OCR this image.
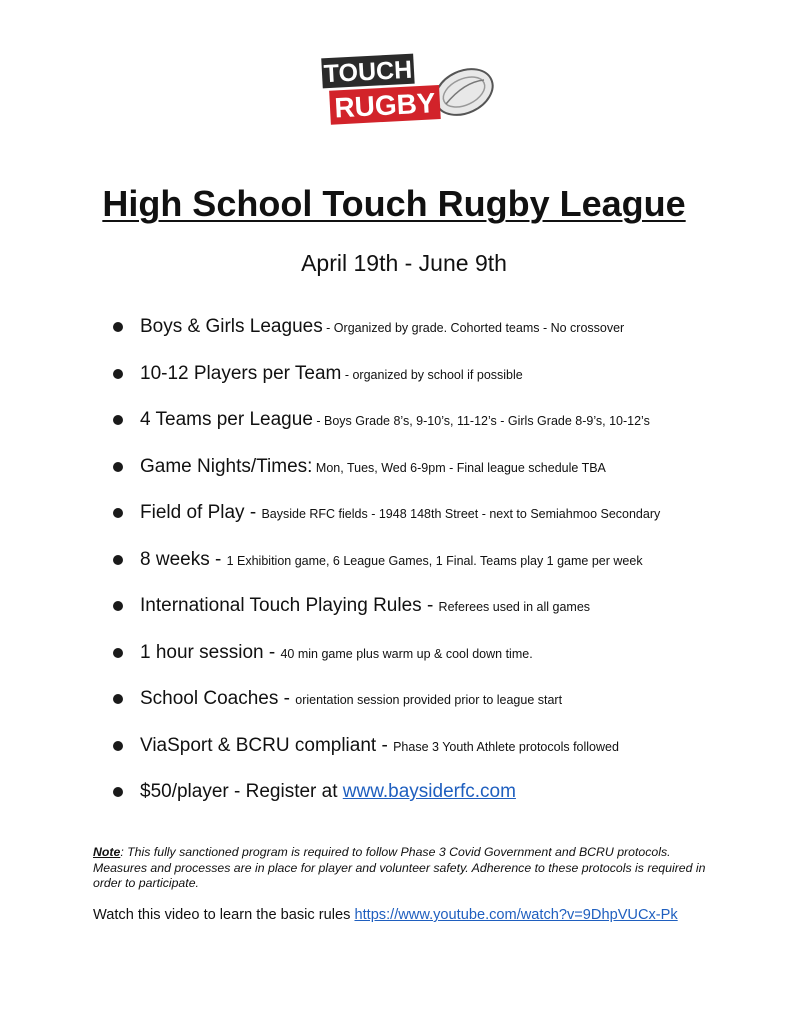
TOUCH
RUGBY
High School Touch Rugby League

April 19th - June 9th

Boys & Girls Leagues - Organized by grade. Cohorted teams - No crossover
10-12 Players per Team - organized by school if possible
4 Teams per League - Boys Grade 8’s, 9-10’s, 11-12’s - Girls Grade 8-9’s, 10-12’s
Game Nights/Times: Mon, Tues, Wed 6-9pm - Final league schedule TBA
Field of Play - Bayside RFC fields - 1948 148th Street - next to Semiahmoo Secondary
8 weeks - 1 Exhibition game, 6 League Games, 1 Final. Teams play 1 game per week
International Touch Playing Rules - Referees used in all games
1 hour session - 40 min game plus warm up & cool down time.
School Coaches - orientation session provided prior to league start
ViaSport & BCRU compliant - Phase 3 Youth Athlete protocols followed
$50/player - Register at www.baysiderfc.com

Note: This fully sanctioned program is required to follow Phase 3 Covid Government and BCRU protocols. Measures and processes are in place for player and volunteer safety. Adherence to these protocols is required in order to participate.

Watch this video to learn the basic rules https://www.youtube.com/watch?v=9DhpVUCx-Pk
